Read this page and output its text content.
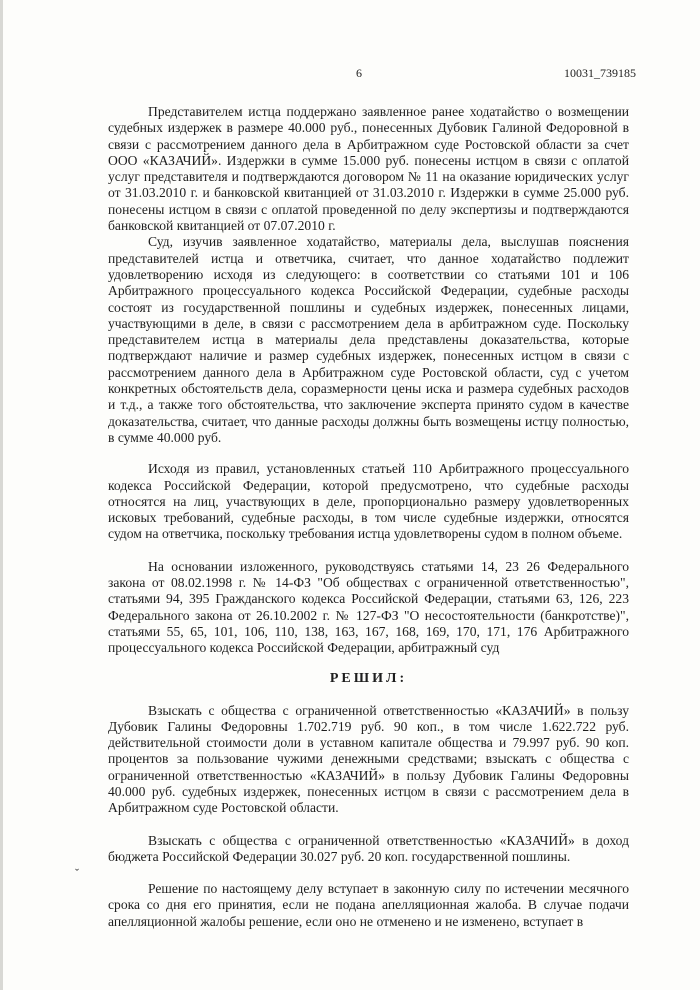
6	10031_739185

Представителем истца поддержано заявленное ранее ходатайство о возмещении судебных издержек в размере 40.000 руб., понесенных Дубовик Галиной Федоровной в связи с рассмотрением данного дела в Арбитражном суде Ростовской области за счет ООО «КАЗАЧИЙ». Издержки в сумме 15.000 руб. понесены истцом в связи с оплатой услуг представителя и подтверждаются договором № 11 на оказание юридических услуг от 31.03.2010 г. и банковской квитанцией от 31.03.2010 г. Издержки в сумме 25.000 руб. понесены истцом в связи с оплатой проведенной по делу экспертизы и подтверждаются банковской квитанцией от 07.07.2010 г.

Суд, изучив заявленное ходатайство, материалы дела, выслушав пояснения представителей истца и ответчика, считает, что данное ходатайство подлежит удовлетворению исходя из следующего: в соответствии со статьями 101 и 106 Арбитражного процессуального кодекса Российской Федерации, судебные расходы состоят из государственной пошлины и судебных издержек, понесенных лицами, участвующими в деле, в связи с рассмотрением дела в арбитражном суде. Поскольку представителем истца в материалы дела представлены доказательства, которые подтверждают наличие и размер судебных издержек, понесенных истцом в связи с рассмотрением данного дела в Арбитражном суде Ростовской области, суд с учетом конкретных обстоятельств дела, соразмерности цены иска и размера судебных расходов и т.д., а также того обстоятельства, что заключение эксперта принято судом в качестве доказательства, считает, что данные расходы должны быть возмещены истцу полностью, в сумме 40.000 руб.

Исходя из правил, установленных статьей 110 Арбитражного процессуального кодекса Российской Федерации, которой предусмотрено, что судебные расходы относятся на лиц, участвующих в деле, пропорционально размеру удовлетворенных исковых требований, судебные расходы, в том числе судебные издержки, относятся судом на ответчика, поскольку требования истца удовлетворены судом в полном объеме.

На основании изложенного, руководствуясь статьями 14, 23 26 Федерального закона от 08.02.1998 г. № 14-ФЗ "Об обществах с ограниченной ответственностью", статьями 94, 395 Гражданского кодекса Российской Федерации, статьями 63, 126, 223 Федерального закона от 26.10.2002 г. № 127-ФЗ "О несостоятельности (банкротстве)", статьями 55, 65, 101, 106, 110, 138, 163, 167, 168, 169, 170, 171, 176 Арбитражного процессуального кодекса Российской Федерации, арбитражный суд

РЕШИЛ:

Взыскать с общества с ограниченной ответственностью «КАЗАЧИЙ» в пользу Дубовик Галины Федоровны 1.702.719 руб. 90 коп., в том числе 1.622.722 руб. действительной стоимости доли в уставном капитале общества и 79.997 руб. 90 коп. процентов за пользование чужими денежными средствами; взыскать с общества с ограниченной ответственностью «КАЗАЧИЙ» в пользу Дубовик Галины Федоровны 40.000 руб. судебных издержек, понесенных истцом в связи с рассмотрением дела в Арбитражном суде Ростовской области.

Взыскать с общества с ограниченной ответственностью «КАЗАЧИЙ» в доход бюджета Российской Федерации 30.027 руб. 20 коп. государственной пошлины.

Решение по настоящему делу вступает в законную силу по истечении месячного срока со дня его принятия, если не подана апелляционная жалоба. В случае подачи апелляционной жалобы решение, если оно не отменено и не изменено, вступает в

ˇ
